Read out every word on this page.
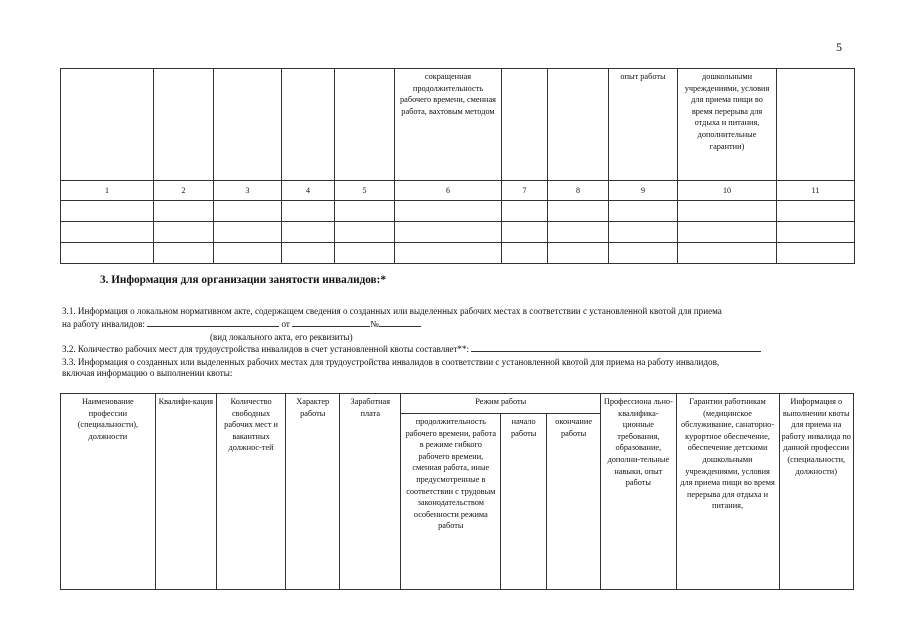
5
					сокращенная продолжительность рабочего времени, сменная работа, вахтовым методом			опыт работы	дошкольными учреждениями, условия для приема пищи во время перерыва для отдыха и питания, дополнительные гарантии)	
1	2	3	4	5	6	7	8	9	10	11

3. Информация для организации занятости инвалидов:*
3.1. Информация о локальном нормативном акте, содержащем сведения о созданных или выделенных рабочих местах в соответствии с установленной квотой для приема
на работу инвалидов:	от	№
(вид локального акта, его реквизиты)
3.2. Количество рабочих мест для трудоустройства инвалидов в счет установленной квоты составляет**:
3.3. Информация о созданных или выделенных рабочих местах для трудоустройства инвалидов в соответствии с установленной квотой для приема на работу инвалидов,
включая информацию о выполнении квоты:
Наименование профессии (специальности), должности	Квалифи-кация	Количество свободных рабочих мест и вакантных должнос-тей	Характер работы	Заработная плата	Режим работы			Профессиона льно-квалифика-ционные требования, образование, дополни-тельные навыки, опыт работы	Гарантии работникам (медицинское обслуживание, санаторно-курортное обеспечение, обеспечение детскими дошкольными учреждениями, условия для приема пищи во время перерыва для отдыха и питания,	Информация о выполнении квоты для приема на работу инвалида по данной профессии (специальности, должности)
					продолжительность рабочего времени, работа в режиме гибкого рабочего времени, сменная работа, иные предусмотренные в соответствии с трудовым законодательством особенности режима работы	начало работы	окончание работы			
